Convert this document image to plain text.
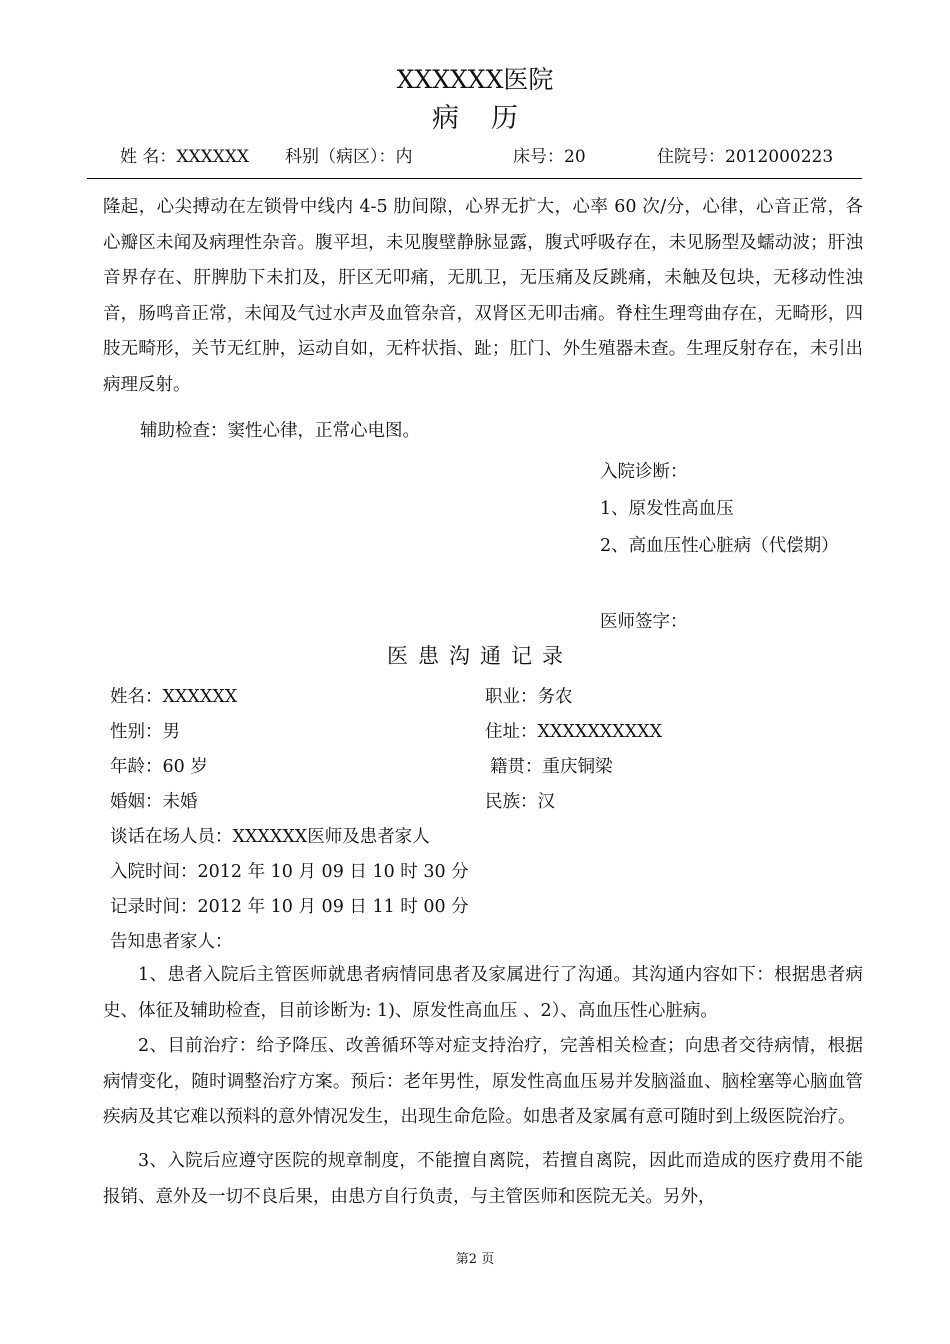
XXXXXX医院
病历
姓 名：XXXXXX 科别（病区）：内	床号：20	住院号：2012000223

隆起，心尖搏动在左锁骨中线内 4-5 肋间隙，心界无扩大，心率 60 次/分，心律，心音正常，各心瓣区未闻及病理性杂音。腹平坦，未见腹壁静脉显露，腹式呼吸存在，未见肠型及蠕动波；肝浊音界存在、肝脾肋下未扪及，肝区无叩痛，无肌卫，无压痛及反跳痛，未触及包块，无移动性浊音，肠鸣音正常，未闻及气过水声及血管杂音，双肾区无叩击痛。脊柱生理弯曲存在，无畸形，四肢无畸形，关节无红肿，运动自如，无杵状指、趾；肛门、外生殖器未查。生理反射存在，未引出病理反射。

辅助检查：窦性心律，正常心电图。
入院诊断：
1、原发性高血压
2、高血压性心脏病（代偿期）
医师签字：
医患沟通记录
姓名：XXXXXX	职业：务农
性别：男	住址：XXXXXXXXXX
年龄：60 岁	籍贯：重庆铜梁
婚姻：未婚	民族：汉
谈话在场人员：XXXXXX医师及患者家人
入院时间：2012 年 10 月 09 日 10 时 30 分
记录时间：2012 年 10 月 09 日 11 时 00 分
告知患者家人：

1、患者入院后主管医师就患者病情同患者及家属进行了沟通。其沟通内容如下：根据患者病史、体征及辅助检查，目前诊断为: 1)、原发性高血压 、2）、高血压性心脏病。

2、目前治疗：给予降压、改善循环等对症支持治疗，完善相关检查；向患者交待病情，根据病情变化，随时调整治疗方案。预后：老年男性，原发性高血压易并发脑溢血、脑栓塞等心脑血管疾病及其它难以预料的意外情况发生，出现生命危险。如患者及家属有意可随时到上级医院治疗。

3、入院后应遵守医院的规章制度，不能擅自离院，若擅自离院，因此而造成的医疗费用不能报销、意外及一切不良后果，由患方自行负责，与主管医师和医院无关。另外，

第2 页
